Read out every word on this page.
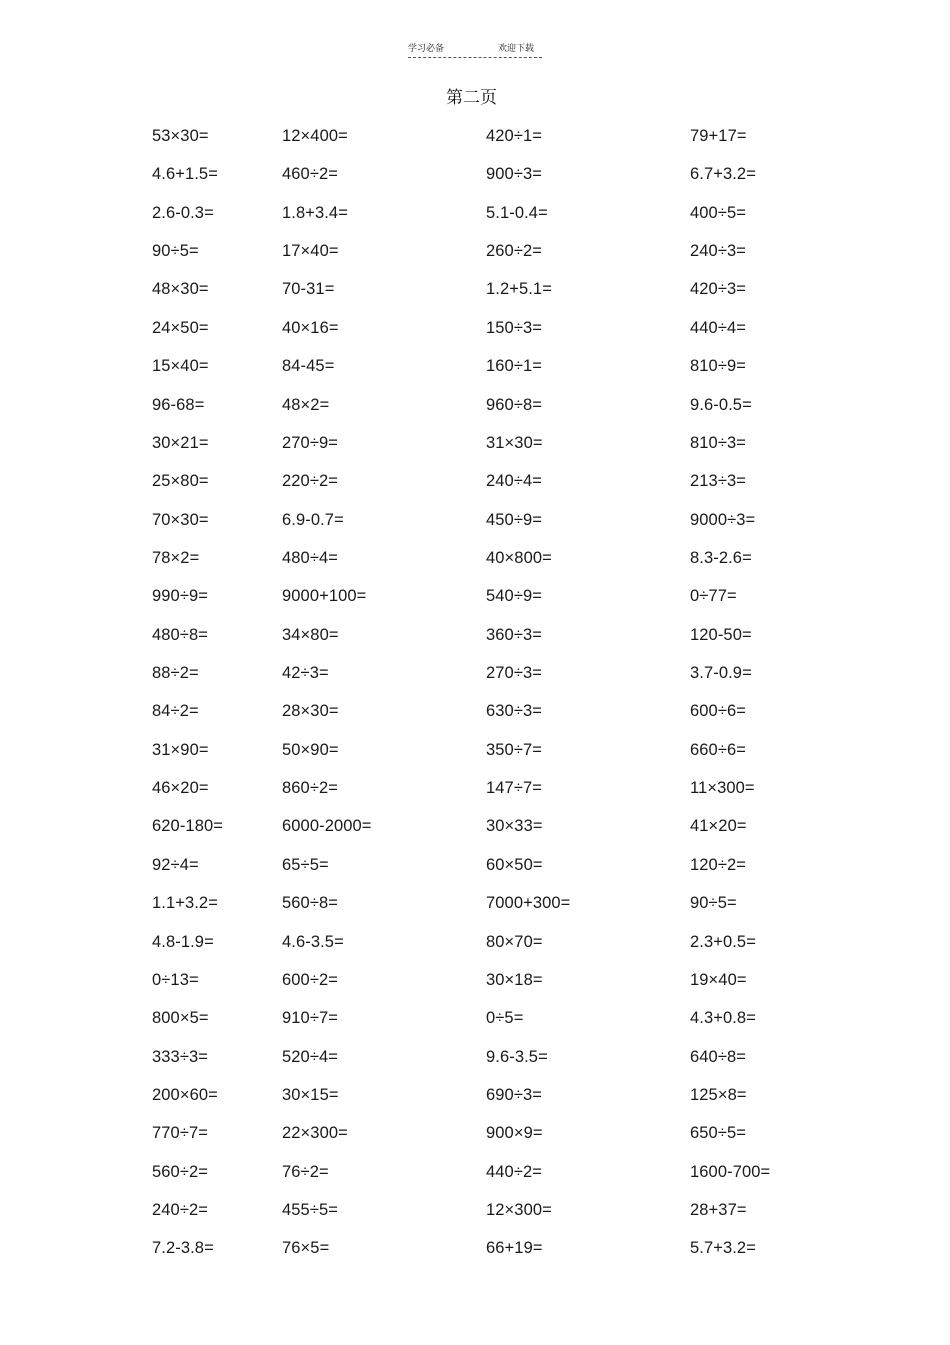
学习必备	欢迎下载
第二页
53×30=	12×400=	420÷1=	79+17=
4.6+1.5=	460÷2=	900÷3=	6.7+3.2=
2.6-0.3=	1.8+3.4=	5.1-0.4=	400÷5=
90÷5=	17×40=	260÷2=	240÷3=
48×30=	70-31=	1.2+5.1=	420÷3=
24×50=	40×16=	150÷3=	440÷4=
15×40=	84-45=	160÷1=	810÷9=
96-68=	48×2=	960÷8=	9.6-0.5=
30×21=	270÷9=	31×30=	810÷3=
25×80=	220÷2=	240÷4=	213÷3=
70×30=	6.9-0.7=	450÷9=	9000÷3=
78×2=	480÷4=	40×800=	8.3-2.6=
990÷9=	9000+100=	540÷9=	0÷77=
480÷8=	34×80=	360÷3=	120-50=
88÷2=	42÷3=	270÷3=	3.7-0.9=
84÷2=	28×30=	630÷3=	600÷6=
31×90=	50×90=	350÷7=	660÷6=
46×20=	860÷2=	147÷7=	11×300=
620-180=	6000-2000=	30×33=	41×20=
92÷4=	65÷5=	60×50=	120÷2=
1.1+3.2=	560÷8=	7000+300=	90÷5=
4.8-1.9=	4.6-3.5=	80×70=	2.3+0.5=
0÷13=	600÷2=	30×18=	19×40=
800×5=	910÷7=	0÷5=	4.3+0.8=
333÷3=	520÷4=	9.6-3.5=	640÷8=
200×60=	30×15=	690÷3=	125×8=
770÷7=	22×300=	900×9=	650÷5=
560÷2=	76÷2=	440÷2=	1600-700=
240÷2=	455÷5=	12×300=	28+37=
7.2-3.8=	76×5=	66+19=	5.7+3.2=
